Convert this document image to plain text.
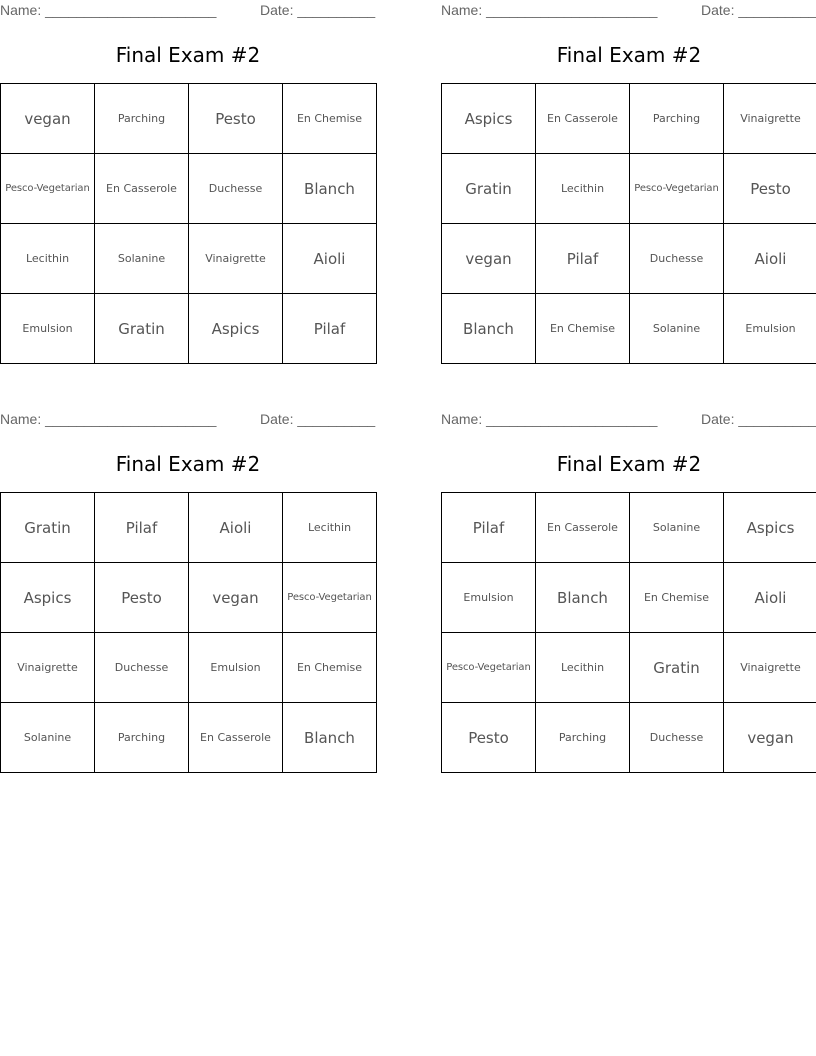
Name: ______________________	Date: __________
Final Exam #2
vegan	Parching	Pesto	En Chemise
Pesco-Vegetarian	En Casserole	Duchesse	Blanch
Lecithin	Solanine	Vinaigrette	Aioli
Emulsion	Gratin	Aspics	Pilaf
Name: ______________________	Date: __________
Final Exam #2
Aspics	En Casserole	Parching	Vinaigrette
Gratin	Lecithin	Pesco-Vegetarian	Pesto
vegan	Pilaf	Duchesse	Aioli
Blanch	En Chemise	Solanine	Emulsion
Name: ______________________	Date: __________
Final Exam #2
Gratin	Pilaf	Aioli	Lecithin
Aspics	Pesto	vegan	Pesco-Vegetarian
Vinaigrette	Duchesse	Emulsion	En Chemise
Solanine	Parching	En Casserole	Blanch
Name: ______________________	Date: __________
Final Exam #2
Pilaf	En Casserole	Solanine	Aspics
Emulsion	Blanch	En Chemise	Aioli
Pesco-Vegetarian	Lecithin	Gratin	Vinaigrette
Pesto	Parching	Duchesse	vegan
